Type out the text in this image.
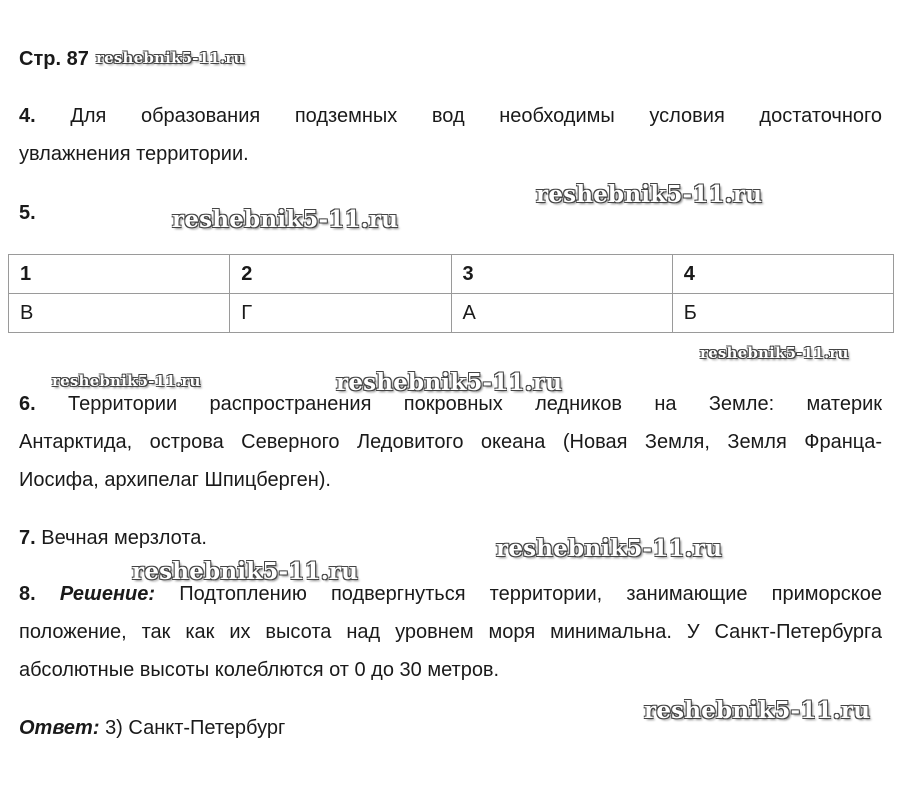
Стр. 87 reshebnik5-11.ru
reshebnik5-11.ru
reshebnik5-11.ru
reshebnik5-11.ru
reshebnik5-11.ru	reshebnik5-11.ru
reshebnik5-11.ru
reshebnik5-11.ru
reshebnik5-11.ru
4. Для образования подземных вод необходимы условия достаточного
увлажнения территории.
5.
1	2	3	4
В	Г	А	Б
6. Территории распространения покровных ледников на Земле: материк
Антарктида, острова Северного Ледовитого океана (Новая Земля, Земля Франца-
Иосифа, архипелаг Шпицберген).
7. Вечная мерзлота.
8. Решение: Подтоплению подвергнуться территории, занимающие приморское
положение, так как их высота над уровнем моря минимальна. У Санкт-Петербурга
абсолютные высоты колеблются от 0 до 30 метров.
Ответ: 3) Санкт-Петербург
